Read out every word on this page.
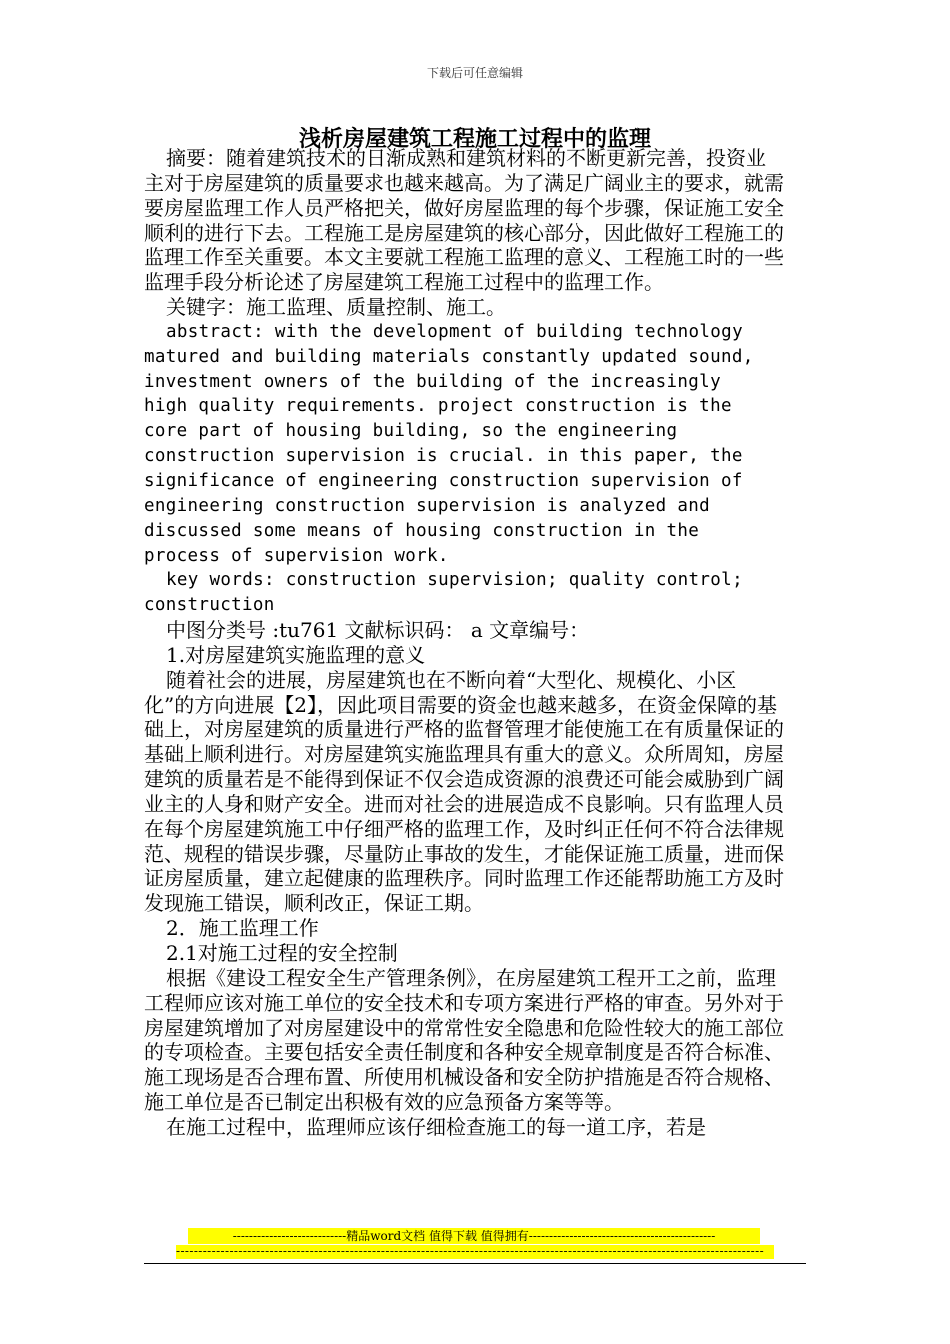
下载后可任意编辑
浅析房屋建筑工程施工过程中的监理

摘要：随着建筑技术的日渐成熟和建筑材料的不断更新完善，投资业主对于房屋建筑的质量要求也越来越高。为了满足广阔业主的要求，就需要房屋监理工作人员严格把关，做好房屋监理的每个步骤，保证施工安全顺利的进行下去。工程施工是房屋建筑的核心部分，因此做好工程施工的监理工作至关重要。本文主要就工程施工监理的意义、工程施工时的一些监理手段分析论述了房屋建筑工程施工过程中的监理工作。

关键字：施工监理、质量控制、施工。

abstract: with the development of building technology
matured and building materials constantly updated sound,
investment owners of the building of the increasingly
high quality requirements. project construction is the
core part of housing building, so the engineering
construction supervision is crucial. in this paper, the
significance of engineering construction supervision of
engineering construction supervision is analyzed and
discussed some means of housing construction in the
process of supervision work.
key words: construction supervision; quality control;
construction

中图分类号 :tu761 文献标识码： a 文章编号：

1.对房屋建筑实施监理的意义

随着社会的进展，房屋建筑也在不断向着“大型化、规模化、小区化”的方向进展【2】，因此项目需要的资金也越来越多，在资金保障的基础上，对房屋建筑的质量进行严格的监督管理才能使施工在有质量保证的基础上顺利进行。对房屋建筑实施监理具有重大的意义。众所周知，房屋建筑的质量若是不能得到保证不仅会造成资源的浪费还可能会威胁到广阔业主的人身和财产安全。进而对社会的进展造成不良影响。只有监理人员在每个房屋建筑施工中仔细严格的监理工作，及时纠正任何不符合法律规范、规程的错误步骤，尽量防止事故的发生，才能保证施工质量，进而保证房屋质量，建立起健康的监理秩序。同时监理工作还能帮助施工方及时发现施工错误，顺利改正，保证工期。

2．施工监理工作

2.1对施工过程的安全控制

根据《建设工程安全生产管理条例》，在房屋建筑工程开工之前，监理工程师应该对施工单位的安全技术和专项方案进行严格的审查。另外对于房屋建筑增加了对房屋建设中的常常性安全隐患和危险性较大的施工部位的专项检查。主要包括安全责任制度和各种安全规章制度是否符合标准、施工现场是否合理布置、所使用机械设备和安全防护措施是否符合规格、施工单位是否已制定出积极有效的应急预备方案等等。

在施工过程中，监理师应该仔细检查施工的每一道工序，若是

----------------------------精品word文档 值得下载 值得拥有----------------------------------------------
------------------------------------------------------------------------------------------------------------------------------------
